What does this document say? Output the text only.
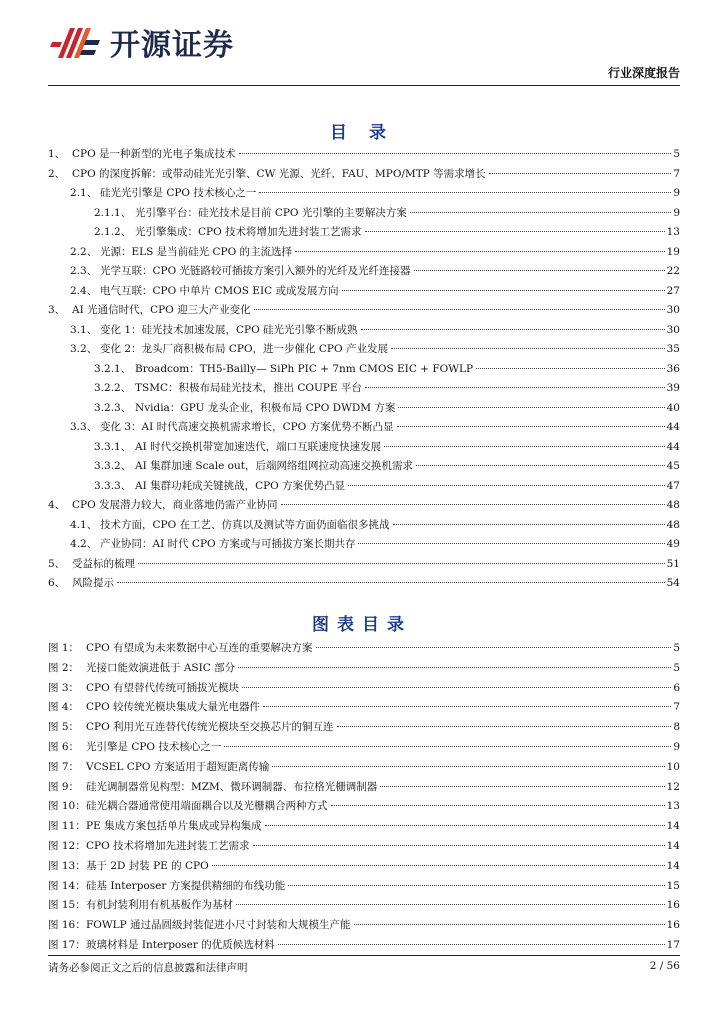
开源证券
行业深度报告
目 录
1、 CPO 是一种新型的光电子集成技术	5
2、 CPO 的深度拆解：或带动硅光光引擎、CW 光源、光纤、FAU、MPO/MTP 等需求增长	7
2.1、 硅光光引擎是 CPO 技术核心之一	9
2.1.1、 光引擎平台：硅光技术是目前 CPO 光引擎的主要解决方案	9
2.1.2、 光引擎集成：CPO 技术将增加先进封装工艺需求	13
2.2、 光源：ELS 是当前硅光 CPO 的主流选择	19
2.3、 光学互联：CPO 光链路较可插拔方案引入额外的光纤及光纤连接器	22
2.4、 电气互联：CPO 中单片 CMOS EIC 或成发展方向	27
3、 AI 光通信时代，CPO 迎三大产业变化	30
3.1、 变化 1：硅光技术加速发展，CPO 硅光光引擎不断成熟	30
3.2、 变化 2：龙头厂商积极布局 CPO，进一步催化 CPO 产业发展	35
3.2.1、 Broadcom：TH5-Bailly— SiPh PIC + 7nm CMOS EIC + FOWLP	36
3.2.2、 TSMC：积极布局硅光技术，推出 COUPE 平台	39
3.2.3、 Nvidia：GPU 龙头企业，积极布局 CPO DWDM 方案	40
3.3、 变化 3：AI 时代高速交换机需求增长，CPO 方案优势不断凸显	44
3.3.1、 AI 时代交换机带宽加速迭代，端口互联速度快速发展	44
3.3.2、 AI 集群加速 Scale out，后端网络组网拉动高速交换机需求	45
3.3.3、 AI 集群功耗成关键挑战，CPO 方案优势凸显	47
4、 CPO 发展潜力较大，商业落地仍需产业协同	48
4.1、 技术方面，CPO 在工艺、仿真以及测试等方面仍面临很多挑战	48
4.2、 产业协同：AI 时代 CPO 方案或与可插拔方案长期共存	49
5、 受益标的梳理	51
6、 风险提示	54
图表目录
图 1： CPO 有望成为未来数据中心互连的重要解决方案	5
图 2： 光接口能效演进低于 ASIC 部分	5
图 3： CPO 有望替代传统可插拔光模块	6
图 4： CPO 较传统光模块集成大量光电器件	7
图 5： CPO 利用光互连替代传统光模块至交换芯片的铜互连	8
图 6： 光引擎是 CPO 技术核心之一	9
图 7： VCSEL CPO 方案适用于超短距离传输	10
图 9： 硅光调制器常见构型：MZM、微环调制器、布拉格光栅调制器	12
图 10： 硅光耦合器通常使用端面耦合以及光栅耦合两种方式	13
图 11： PE 集成方案包括单片集成或异构集成	14
图 12： CPO 技术将增加先进封装工艺需求	14
图 13： 基于 2D 封装 PE 的 CPO	14
图 14： 硅基 Interposer 方案提供精细的布线功能	15
图 15： 有机封装利用有机基板作为基材	16
图 16： FOWLP 通过晶圆级封装促进小尺寸封装和大规模生产能	16
图 17： 玻璃材料是 Interposer 的优质候选材料	17
请务必参阅正文之后的信息披露和法律声明	2 / 56
